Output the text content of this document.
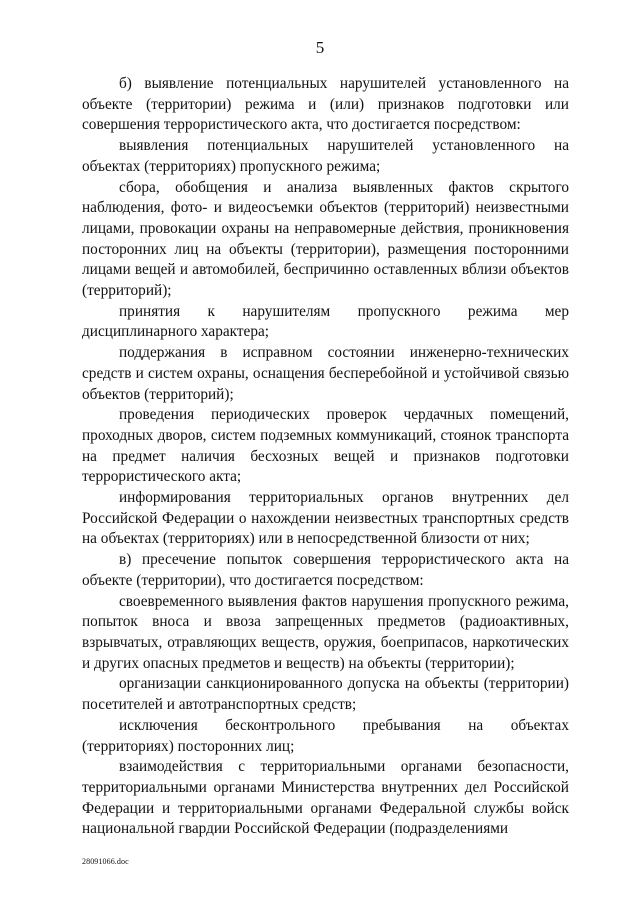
5

б) выявление потенциальных нарушителей установленного на объекте (территории) режима и (или) признаков подготовки или совершения террористического акта, что достигается посредством:

выявления потенциальных нарушителей установленного на объектах (территориях) пропускного режима;

сбора, обобщения и анализа выявленных фактов скрытого наблюдения, фото- и видеосъемки объектов (территорий) неизвестными лицами, провокации охраны на неправомерные действия, проникновения посторонних лиц на объекты (территории), размещения посторонними лицами вещей и автомобилей, беспричинно оставленных вблизи объектов (территорий);

принятия к нарушителям пропускного режима мер дисциплинарного характера;

поддержания в исправном состоянии инженерно-технических средств и систем охраны, оснащения бесперебойной и устойчивой связью объектов (территорий);

проведения периодических проверок чердачных помещений, проходных дворов, систем подземных коммуникаций, стоянок транспорта на предмет наличия бесхозных вещей и признаков подготовки террористического акта;

информирования территориальных органов внутренних дел Российской Федерации о нахождении неизвестных транспортных средств на объектах (территориях) или в непосредственной близости от них;

в) пресечение попыток совершения террористического акта на объекте (территории), что достигается посредством:

своевременного выявления фактов нарушения пропускного режима, попыток вноса и ввоза запрещенных предметов (радиоактивных, взрывчатых, отравляющих веществ, оружия, боеприпасов, наркотических и других опасных предметов и веществ) на объекты (территории);

организации санкционированного допуска на объекты (территории) посетителей и автотранспортных средств;

исключения бесконтрольного пребывания на объектах (территориях) посторонних лиц;

взаимодействия с территориальными органами безопасности, территориальными органами Министерства внутренних дел Российской Федерации и территориальными органами Федеральной службы войск национальной гвардии Российской Федерации (подразделениями

28091066.doc
